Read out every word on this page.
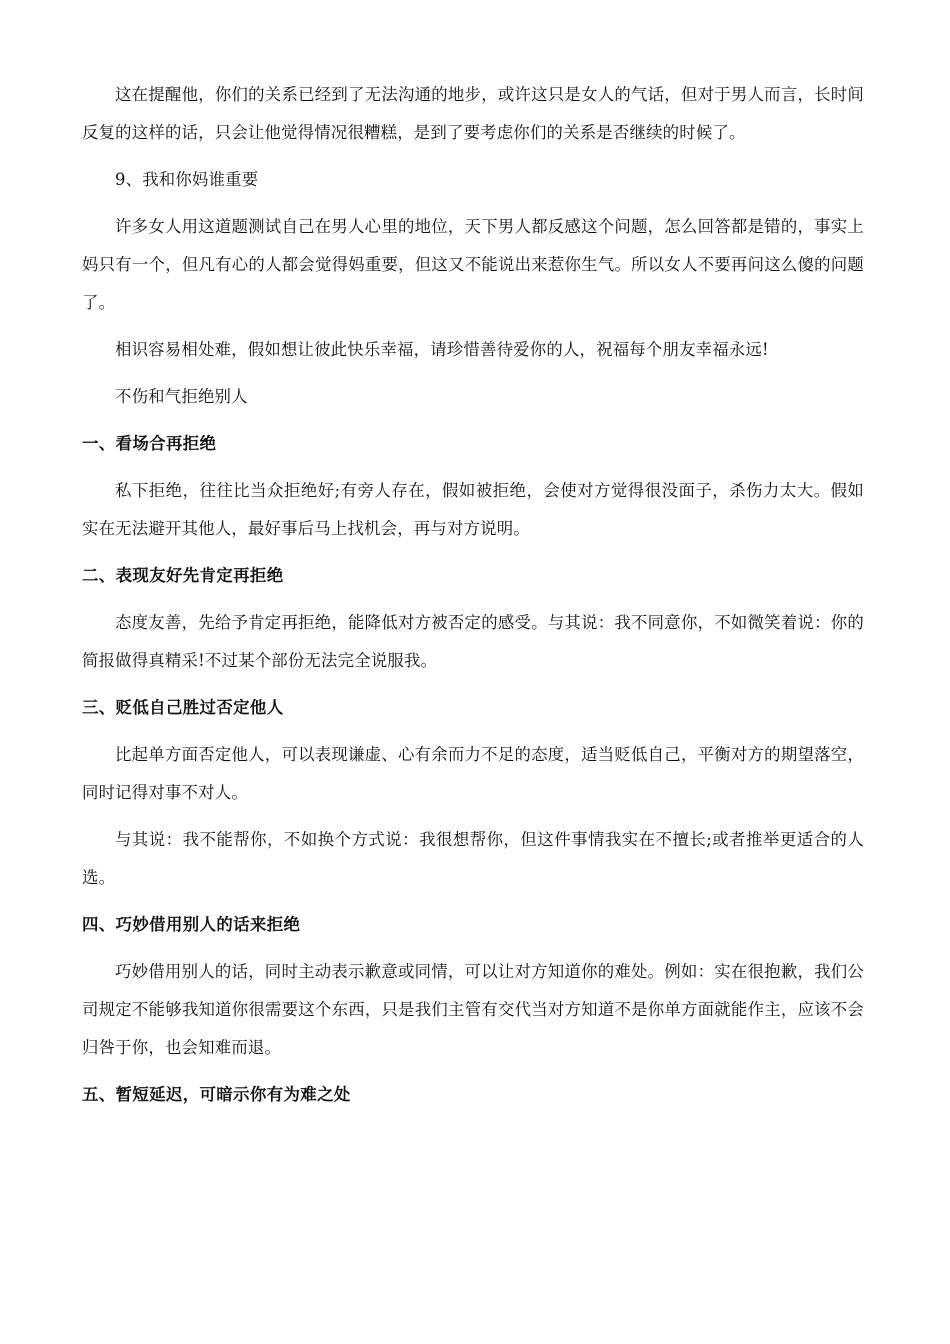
这在提醒他，你们的关系已经到了无法沟通的地步，或许这只是女人的气话，但对于男人而言，长时间反复的这样的话，只会让他觉得情况很糟糕，是到了要考虑你们的关系是否继续的时候了。

9、我和你妈谁重要

许多女人用这道题测试自己在男人心里的地位，天下男人都反感这个问题，怎么回答都是错的，事实上妈只有一个，但凡有心的人都会觉得妈重要，但这又不能说出来惹你生气。所以女人不要再问这么傻的问题了。

相识容易相处难，假如想让彼此快乐幸福，请珍惜善待爱你的人，祝福每个朋友幸福永远!

不伤和气拒绝别人

一、看场合再拒绝

私下拒绝，往往比当众拒绝好;有旁人存在，假如被拒绝，会使对方觉得很没面子，杀伤力太大。假如实在无法避开其他人，最好事后马上找机会，再与对方说明。

二、表现友好先肯定再拒绝

态度友善，先给予肯定再拒绝，能降低对方被否定的感受。与其说：我不同意你，不如微笑着说：你的简报做得真精采!不过某个部份无法完全说服我。

三、贬低自己胜过否定他人

比起单方面否定他人，可以表现谦虚、心有余而力不足的态度，适当贬低自己，平衡对方的期望落空，同时记得对事不对人。

与其说：我不能帮你，不如换个方式说：我很想帮你，但这件事情我实在不擅长;或者推举更适合的人选。

四、巧妙借用别人的话来拒绝

巧妙借用别人的话，同时主动表示歉意或同情，可以让对方知道你的难处。例如：实在很抱歉，我们公司规定不能够我知道你很需要这个东西，只是我们主管有交代当对方知道不是你单方面就能作主，应该不会归咎于你，也会知难而退。

五、暂短延迟，可暗示你有为难之处
